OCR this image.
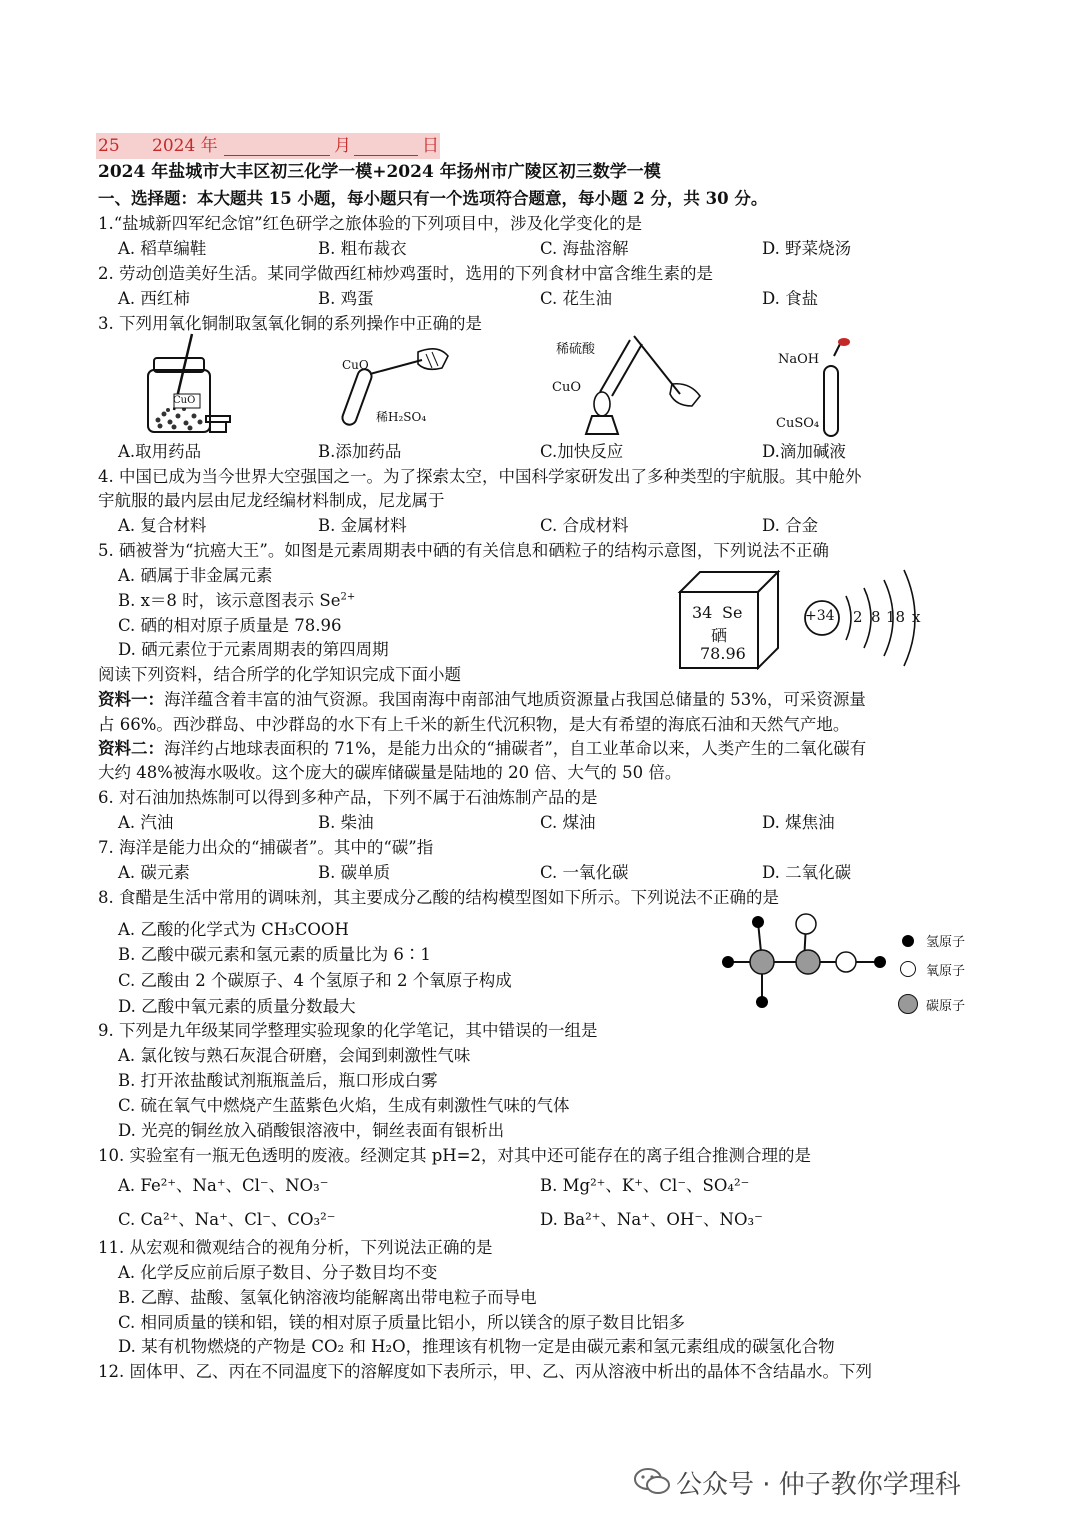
25 2024 年	月	日
2024 年盐城市大丰区初三化学一模+2024 年扬州市广陵区初三数学一模
一、选择题：本大题共 15 小题，每小题只有一个选项符合题意，每小题 2 分，共 30 分。
1.“盐城新四军纪念馆”红色研学之旅体验的下列项目中，涉及化学变化的是
A. 稻草编鞋	B. 粗布裁衣	C. 海盐溶解	D. 野菜烧汤
2. 劳动创造美好生活。某同学做西红柿炒鸡蛋时，选用的下列食材中富含维生素的是
A. 西红柿	B. 鸡蛋	C. 花生油	D. 食盐
3. 下列用氧化铜制取氢氧化铜的系列操作中正确的是
CuO
CuO
稀H₂SO₄
稀硫酸
CuO
NaOH
CuSO₄
A.取用药品	B.添加药品	C.加快反应	D.滴加碱液
4. 中国已成为当今世界大空强国之一。为了探索太空，中国科学家研发出了多种类型的宇航服。其中舱外
宇航服的最内层由尼龙经编材料制成，尼龙属于
A. 复合材料	B. 金属材料	C. 合成材料	D. 合金
5. 硒被誉为“抗癌大王”。如图是元素周期表中硒的有关信息和硒粒子的结构示意图，下列说法不正确
A. 硒属于非金属元素
B. x＝8 时，该示意图表示 $Se^{2+}$
C. 硒的相对原子质量是 78.96
D. 硒元素位于元素周期表的第四周期
34 Se
硒
78.96
+34 2 8 18 x
阅读下列资料，结合所学的化学知识完成下面小题
资料一：海洋蕴含着丰富的油气资源。我国南海中南部油气地质资源量占我国总储量的 53%，可采资源量
占 66%。西沙群岛、中沙群岛的水下有上千米的新生代沉积物，是大有希望的海底石油和天然气产地。
资料二：海洋约占地球表面积的 71%，是能力出众的“捕碳者”，自工业革命以来，人类产生的二氧化碳有
大约 48%被海水吸收。这个庞大的碳库储碳量是陆地的 20 倍、大气的 50 倍。
6. 对石油加热炼制可以得到多种产品，下列不属于石油炼制产品的是
A. 汽油	B. 柴油	C. 煤油	D. 煤焦油
7. 海洋是能力出众的“捕碳者”。其中的“碳”指
A. 碳元素	B. 碳单质	C. 一氧化碳	D. 二氧化碳
8. 食醋是生活中常用的调味剂，其主要成分乙酸的结构模型图如下所示。下列说法不正确的是
A. 乙酸的化学式为 CH₃COOH
B. 乙酸中碳元素和氢元素的质量比为 6∶1
C. 乙酸由 2 个碳原子、4 个氢原子和 2 个氧原子构成
D. 乙酸中氧元素的质量分数最大
氢原子
氧原子
碳原子
9. 下列是九年级某同学整理实验现象的化学笔记，其中错误的一组是
A. 氯化铵与熟石灰混合研磨，会闻到刺激性气味
B. 打开浓盐酸试剂瓶瓶盖后，瓶口形成白雾
C. 硫在氧气中燃烧产生蓝紫色火焰，生成有刺激性气味的气体
D. 光亮的铜丝放入硝酸银溶液中，铜丝表面有银析出
10. 实验室有一瓶无色透明的废液。经测定其 pH=2，对其中还可能存在的离子组合推测合理的是
A. Fe²⁺、Na⁺、Cl⁻、NO₃⁻	B. Mg²⁺、K⁺、Cl⁻、SO₄²⁻
C. Ca²⁺、Na⁺、Cl⁻、CO₃²⁻	D. Ba²⁺、Na⁺、OH⁻、NO₃⁻
11. 从宏观和微观结合的视角分析，下列说法正确的是
A. 化学反应前后原子数目、分子数目均不变
B. 乙醇、盐酸、氢氧化钠溶液均能解离出带电粒子而导电
C. 相同质量的镁和铝，镁的相对原子质量比铝小，所以镁含的原子数目比铝多
D. 某有机物燃烧的产物是 CO₂ 和 H₂O，推理该有机物一定是由碳元素和氢元素组成的碳氢化合物
12. 固体甲、乙、丙在不同温度下的溶解度如下表所示，甲、乙、丙从溶液中析出的晶体不含结晶水。下列
公众号 · 仲子教你学理科
